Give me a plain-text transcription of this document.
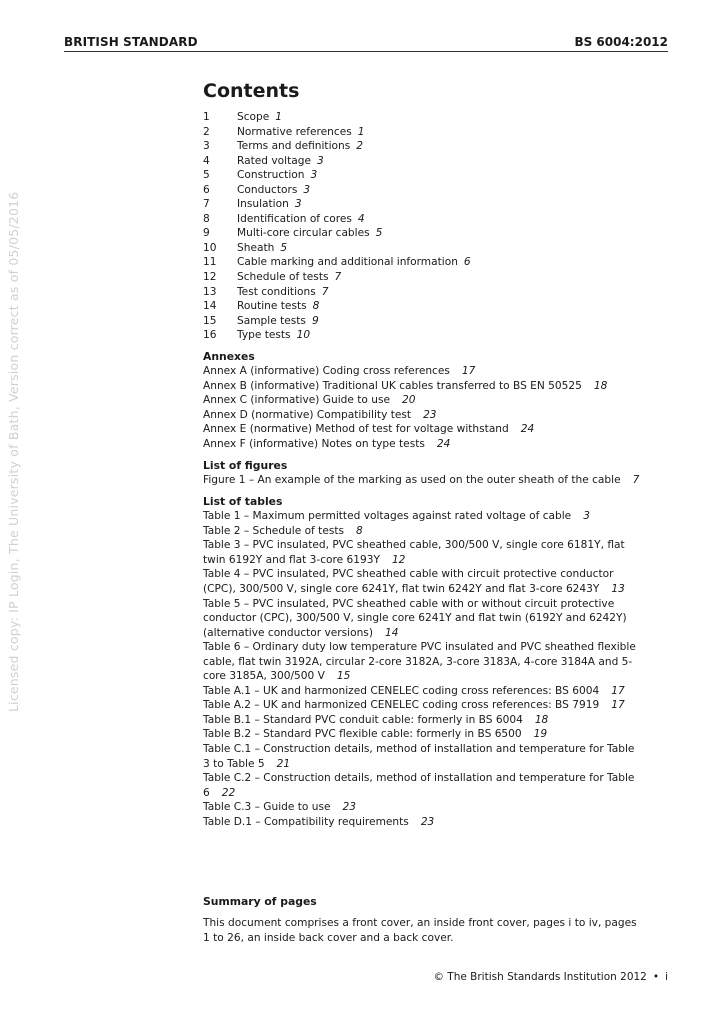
BRITISH STANDARD	BS 6004:2012
Licensed copy: IP Login, The University of Bath, Version correct as of 05/05/2016
Contents
1	Scope 1
2	Normative references 1
3	Terms and definitions 2
4	Rated voltage 3
5	Construction 3
6	Conductors 3
7	Insulation 3
8	Identification of cores 4
9	Multi-core circular cables 5
10 Sheath 5
11 Cable marking and additional information 6
12 Schedule of tests 7
13 Test conditions 7
14 Routine tests 8
15 Sample tests 9
16 Type tests 10
Annexes
Annex A (informative) Coding cross references 17
Annex B (informative) Traditional UK cables transferred to BS EN 50525 18
Annex C (informative) Guide to use 20
Annex D (normative) Compatibility test 23
Annex E (normative) Method of test for voltage withstand 24
Annex F (informative) Notes on type tests 24
List of figures
Figure 1 – An example of the marking as used on the outer sheath of the cable 7
List of tables
Table 1 – Maximum permitted voltages against rated voltage of cable 3
Table 2 – Schedule of tests 8
Table 3 – PVC insulated, PVC sheathed cable, 300/500 V, single core 6181Y, flat twin 6192Y and flat 3-core 6193Y 12
Table 4 – PVC insulated, PVC sheathed cable with circuit protective conductor (CPC), 300/500 V, single core 6241Y, flat twin 6242Y and flat 3-core 6243Y 13
Table 5 – PVC insulated, PVC sheathed cable with or without circuit protective conductor (CPC), 300/500 V, single core 6241Y and flat twin (6192Y and 6242Y) (alternative conductor versions) 14
Table 6 – Ordinary duty low temperature PVC insulated and PVC sheathed flexible cable, flat twin 3192A, circular 2-core 3182A, 3-core 3183A, 4-core 3184A and 5-core 3185A, 300/500 V 15
Table A.1 – UK and harmonized CENELEC coding cross references: BS 6004 17
Table A.2 – UK and harmonized CENELEC coding cross references: BS 7919 17
Table B.1 – Standard PVC conduit cable: formerly in BS 6004 18
Table B.2 – Standard PVC flexible cable: formerly in BS 6500 19
Table C.1 – Construction details, method of installation and temperature for Table 3 to Table 5 21
Table C.2 – Construction details, method of installation and temperature for Table 6 22
Table C.3 – Guide to use 23
Table D.1 – Compatibility requirements 23
Summary of pages
This document comprises a front cover, an inside front cover, pages i to iv, pages 1 to 26, an inside back cover and a back cover.
© The British Standards Institution 2012 • i
